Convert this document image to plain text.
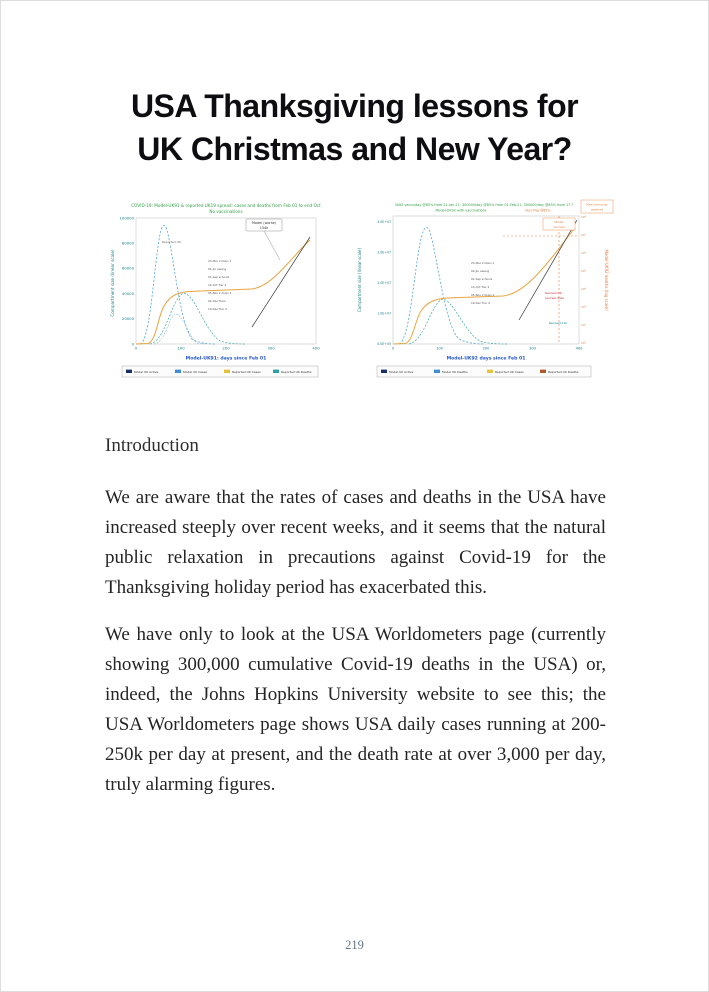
USA Thanksgiving lessons for
UK Christmas and New Year?
COVID-19: Model-UK91 & reported UK19 spread: cases and deaths from Feb 01 to end Oct
No vaccinations
Compartment size (linear scale)
100000
80000
60000
40000
20000
0
0	100	200	300	400
Model (worse)
154k
Reported UK
23-Mar L'down 1
04-Jul easing
01-Sep schools
14-Oct Tier 2
05-Nov L'down 2
02-Dec Tiers
19-Dec Tier 4
Model-UK91: days since Feb 01
Model UK Active	Model UK Cases	Reported UK Cases	Reported UK Deaths
3000 vaccs/day @85% from 21-Jan-21, 300000/day @85% from 01-Feb-21, 300000/day @85% from 17-?
Model-UK92 with vaccinations	Vacc Pop @85%
Max immunity
reached
Compartment size (linear scale)	Model-UK92 deaths (log scale)
4.0E+07
3.0E+07
2.0E+07
1.0E+07
0.0E+00
10⁸
10⁷
10⁶
10⁵
10⁴
10³
10²
10¹
0	100	200	300	400
Model
(worse)
Revised UK
(worse) data
Revised 11k
23-Mar L'down 1
04-Jul easing
01-Sep schools
14-Oct Tier 2
05-Nov L'down 2
19-Dec Tier 4
Model-UK92 days since Feb 01
Model UK Active	Model UK Deaths	Reported UK Cases	Reported UK Deaths
Introduction

We are aware that the rates of cases and deaths in the USA have increased steeply over recent weeks, and it seems that the natural public relaxation in precautions against Covid-19 for the Thanksgiving holiday period has exacerbated this.

We have only to look at the USA Worldometers page (currently showing 300,000 cumulative Covid-19 deaths in the USA) or, indeed, the Johns Hopkins University website to see this; the USA Worldometers page shows USA daily cases running at 200-250k per day at present, and the death rate at over 3,000 per day, truly alarming figures.

219
